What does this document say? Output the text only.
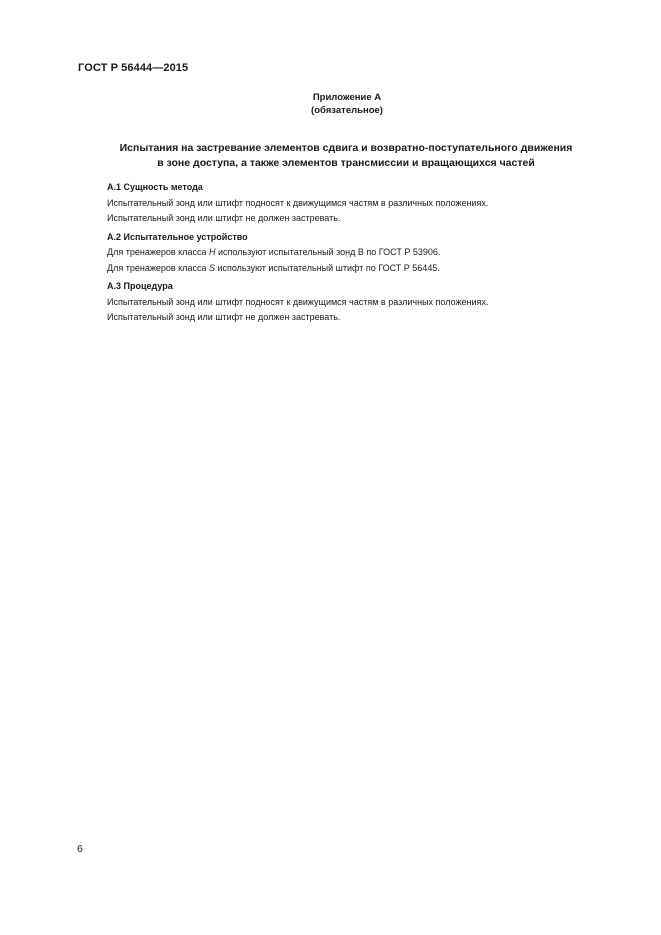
ГОСТ Р 56444—2015
Приложение А
(обязательное)
Испытания на застревание элементов сдвига и возвратно-поступательного движения
в зоне доступа, а также элементов трансмиссии и вращающихся частей

А.1 Сущность метода

Испытательный зонд или штифт подносят к движущимся частям в различных положениях.

Испытательный зонд или штифт не должен застревать.

А.2 Испытательное устройство

Для тренажеров класса H используют испытательный зонд В по ГОСТ Р 53906.

Для тренажеров класса S используют испытательный штифт по ГОСТ Р 56445.

А.3 Процедура

Испытательный зонд или штифт подносят к движущимся частям в различных положениях.

Испытательный зонд или штифт не должен застревать.

6
